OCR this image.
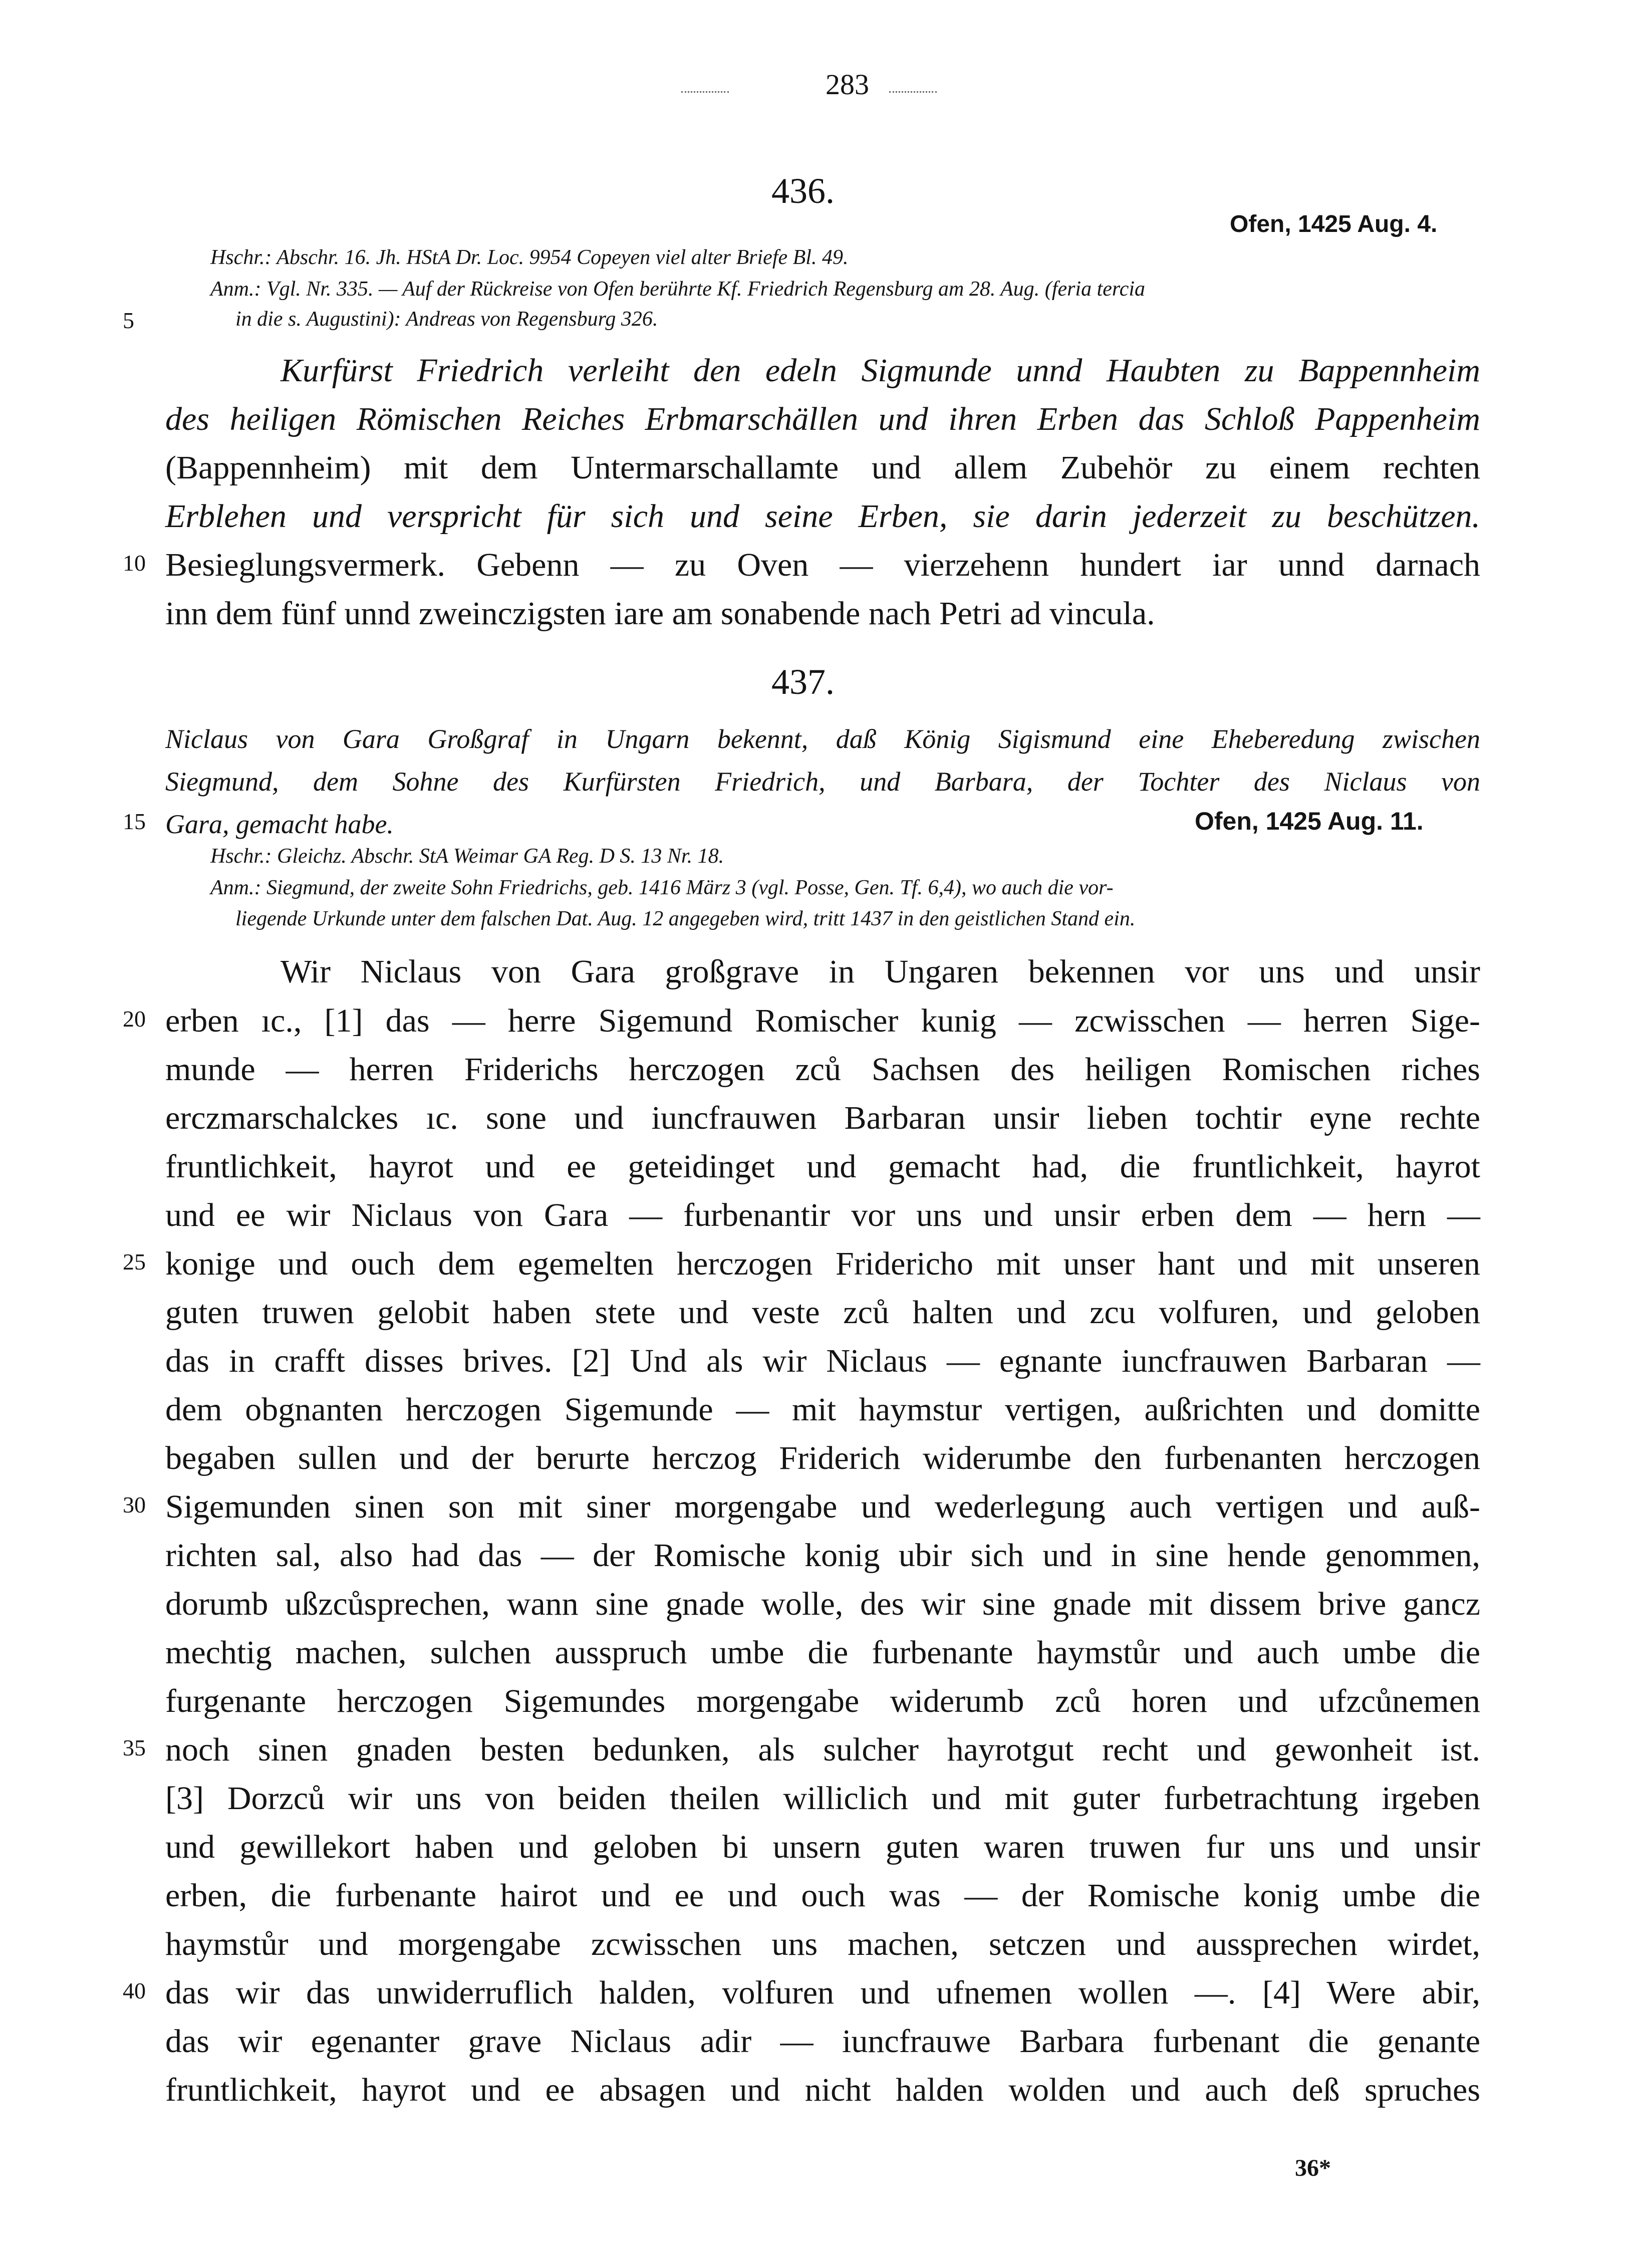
283
436.
Ofen, 1425 Aug. 4.
Hschr.: Abschr. 16. Jh. HStA Dr. Loc. 9954 Copeyen viel alter Briefe Bl. 49.
Anm.: Vgl. Nr. 335. — Auf der Rückreise von Ofen berührte Kf. Friedrich Regensburg am 28. Aug. (feria tercia
5	in die s. Augustini): Andreas von Regensburg 326.
Kurfürst Friedrich verleiht den edeln Sigmunde unnd Haubten zu Bappennheim
des heiligen Römischen Reiches Erbmarschällen und ihren Erben das Schloß Pappenheim
(Bappennheim) mit dem Untermarschallamte und allem Zubehör zu einem rechten
Erblehen und verspricht für sich und seine Erben, sie darin jederzeit zu beschützen.
10 Besieglungsvermerk. Gebenn — zu Oven — vierzehenn hundert iar unnd darnach
inn dem fünf unnd zweinczigsten iare am sonabende nach Petri ad vincula.
437.
Niclaus von Gara Großgraf in Ungarn bekennt, daß König Sigismund eine Eheberedung zwischen
Siegmund, dem Sohne des Kurfürsten Friedrich, und Barbara, der Tochter des Niclaus von
15 Gara, gemacht habe.	Ofen, 1425 Aug. 11.
Hschr.: Gleichz. Abschr. StA Weimar GA Reg. D S. 13 Nr. 18.
Anm.: Siegmund, der zweite Sohn Friedrichs, geb. 1416 März 3 (vgl. Posse, Gen. Tf. 6,4), wo auch die vor-
liegende Urkunde unter dem falschen Dat. Aug. 12 angegeben wird, tritt 1437 in den geistlichen Stand ein.
Wir Niclaus von Gara großgrave in Ungaren bekennen vor uns und unsir
20 erben ıc., [1] das — herre Sigemund Romischer kunig — zcwisschen — herren Sige-
munde — herren Friderichs herczogen zců Sachsen des heiligen Romischen riches
erczmarschalckes ıc. sone und iuncfrauwen Barbaran unsir lieben tochtir eyne rechte
fruntlichkeit, hayrot und ee geteidinget und gemacht had, die fruntlichkeit, hayrot
und ee wir Niclaus von Gara — furbenantir vor uns und unsir erben dem — hern —
25 konige und ouch dem egemelten herczogen Fridericho mit unser hant und mit unseren
guten truwen gelobit haben stete und veste zců halten und zcu volfuren, und geloben
das in crafft disses brives. [2] Und als wir Niclaus — egnante iuncfrauwen Barbaran —
dem obgnanten herczogen Sigemunde — mit haymstur vertigen, außrichten und domitte
begaben sullen und der berurte herczog Friderich widerumbe den furbenanten herczogen
30 Sigemunden sinen son mit siner morgengabe und wederlegung auch vertigen und auß-
richten sal, also had das — der Romische konig ubir sich und in sine hende genommen,
dorumb ußzcůsprechen, wann sine gnade wolle, des wir sine gnade mit dissem brive gancz
mechtig machen, sulchen ausspruch umbe die furbenante haymstůr und auch umbe die
furgenante herczogen Sigemundes morgengabe widerumb zců horen und ufzcůnemen
35 noch sinen gnaden besten bedunken, als sulcher hayrotgut recht und gewonheit ist.
[3] Dorzců wir uns von beiden theilen williclich und mit guter furbetrachtung irgeben
und gewillekort haben und geloben bi unsern guten waren truwen fur uns und unsir
erben, die furbenante hairot und ee und ouch was — der Romische konig umbe die
haymstůr und morgengabe zcwisschen uns machen, setczen und aussprechen wirdet,
40 das wir das unwiderruflich halden, volfuren und ufnemen wollen —. [4] Were abir,
das wir egenanter grave Niclaus adir — iuncfrauwe Barbara furbenant die genante
fruntlichkeit, hayrot und ee absagen und nicht halden wolden und auch deß spruches
36*
